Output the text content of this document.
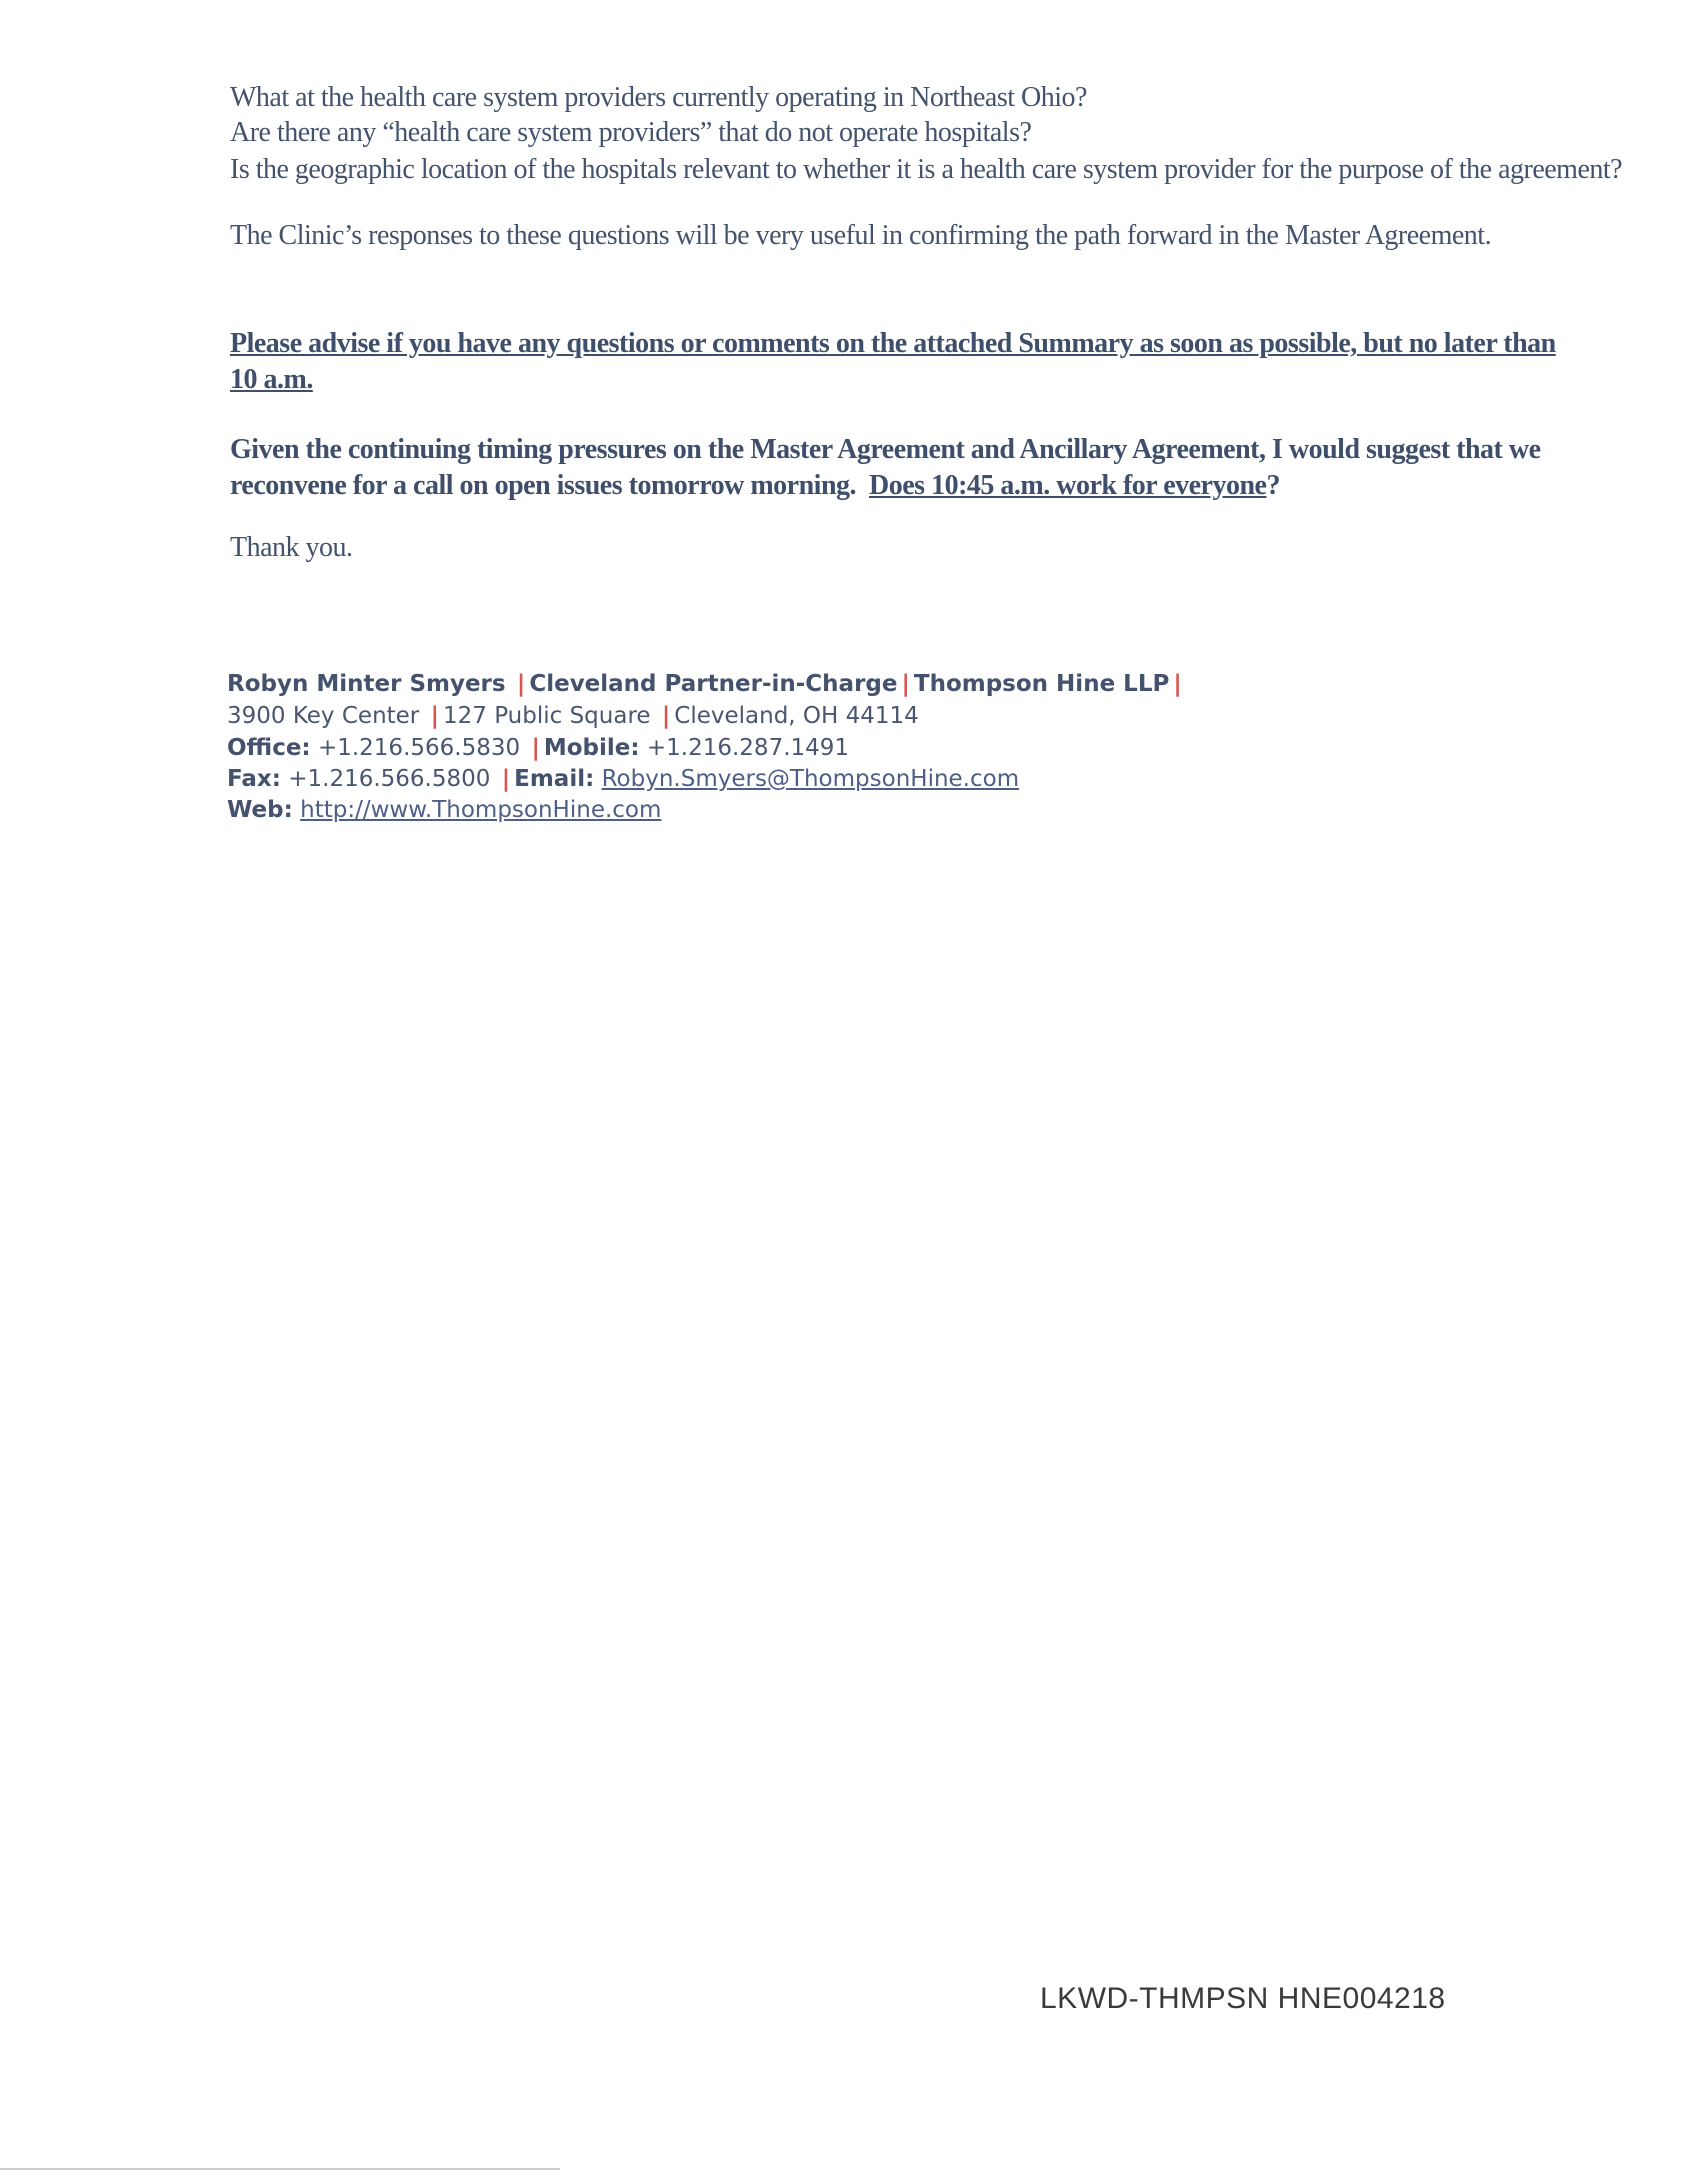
What at the health care system providers currently operating in Northeast Ohio?
Are there any “health care system providers” that do not operate hospitals?
Is the geographic location of the hospitals relevant to whether it is a health care system provider for the purpose of the agreement?
The Clinic’s responses to these questions will be very useful in confirming the path forward in the Master Agreement.
Please advise if you have any questions or comments on the attached Summary as soon as possible, but no later than 10 a.m.
Given the continuing timing pressures on the Master Agreement and Ancillary Agreement, I would suggest that we reconvene for a call on open issues tomorrow morning. Does 10:45 a.m. work for everyone?
Thank you.
Robyn Minter Smyers | Cleveland Partner-in-Charge | Thompson Hine LLP |
3900 Key Center | 127 Public Square | Cleveland, OH 44114
Office: +1.216.566.5830 | Mobile: +1.216.287.1491
Fax: +1.216.566.5800 | Email: Robyn.Smyers@ThompsonHine.com
Web: http://www.ThompsonHine.com
LKWD-THMPSN HNE004218
